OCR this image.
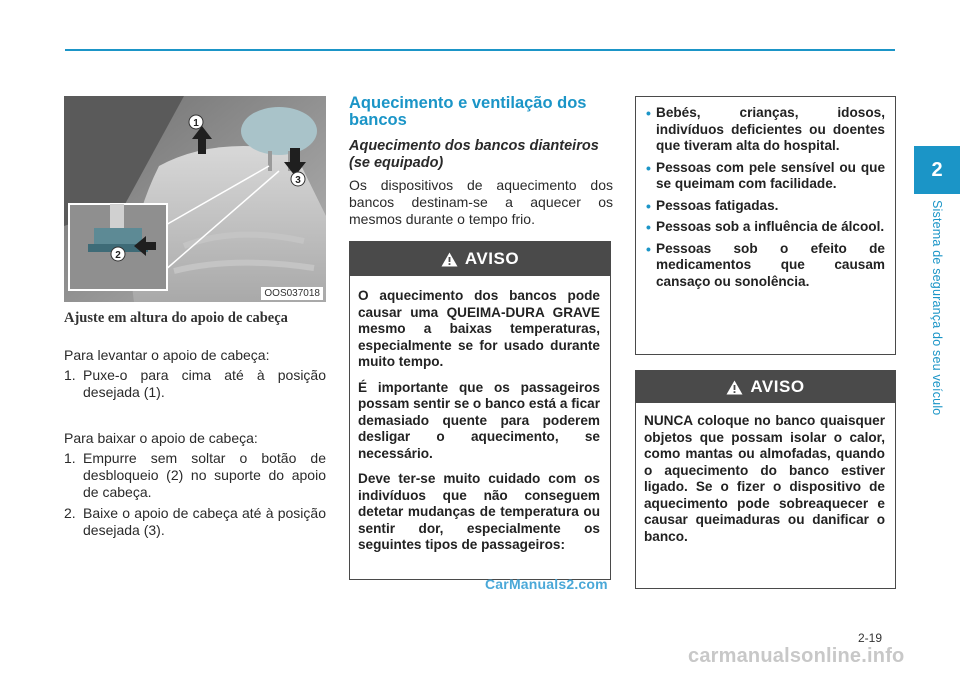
2
Sistema de segurança do seu veículo
1
3
2
OOS037018
Ajuste em altura do apoio de cabeça
Para levantar o apoio de cabeça:
1. Puxe-o para cima até à posição desejada (1).
Para baixar o apoio de cabeça:
1. Empurre sem soltar o botão de desbloqueio (2) no suporte do apoio de cabeça.
2. Baixe o apoio de cabeça até à posição desejada (3).
Aquecimento e ventilação dos bancos
Aquecimento dos bancos dianteiros (se equipado)
Os dispositivos de aquecimento dos bancos destinam-se a aquecer os mesmos durante o tempo frio.
AVISO

O aquecimento dos bancos pode causar uma QUEIMA-DURA GRAVE mesmo a baixas temperaturas, especialmente se for usado durante muito tempo.

É importante que os passageiros possam sentir se o banco está a ficar demasiado quente para poderem desligar o aquecimento, se necessário.

Deve ter-se muito cuidado com os indivíduos que não conseguem detetar mudanças de temperatura ou sentir dor, especialmente os seguintes tipos de passageiros:

• Bebés, crianças, idosos, indivíduos deficientes ou doentes que tiveram alta do hospital.
• Pessoas com pele sensível ou que se queimam com facilidade.
• Pessoas fatigadas.
• Pessoas sob a influência de álcool.
• Pessoas sob o efeito de medicamentos que causam cansaço ou sonolência.
AVISO

NUNCA coloque no banco quaisquer objetos que possam isolar o calor, como mantas ou almofadas, quando o aquecimento do banco estiver ligado. Se o fizer o dispositivo de aquecimento pode sobreaquecer e causar queimaduras ou danificar o banco.

CarManuals2.com
2-19
carmanualsonline.info
